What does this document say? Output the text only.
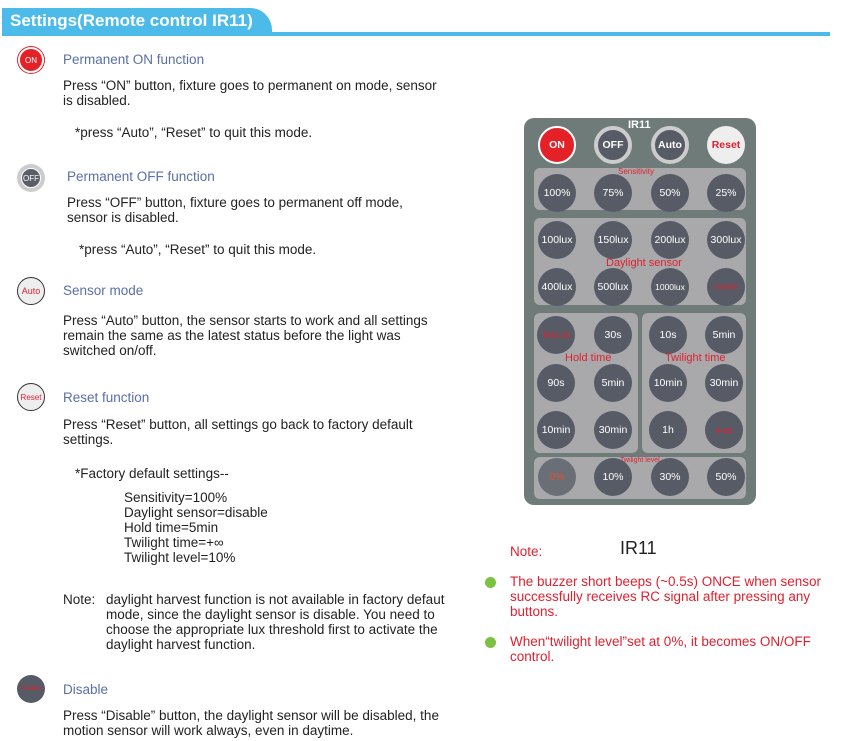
Settings(Remote control IR11)
ON Permanent ON function
Press “ON” button, fixture goes to permanent on mode, sensor is disabled.
*press “Auto”, “Reset” to quit this mode.
OFF Permanent OFF function
Press “OFF” button, fixture goes to permanent off mode, sensor is disabled.
*press “Auto”, “Reset” to quit this mode.
Auto	Sensor mode
Press “Auto” button, the sensor starts to work and all settings remain the same as the latest status before the light was switched on/off.
Reset Reset function
Press “Reset” button, all settings go back to factory default settings.
*Factory default settings--
Sensitivity=100%
Daylight sensor=disable
Hold time=5min
Twilight time=+∞
Twilight level=10%
Note: daylight harvest function is not available in factory defaut mode, since the daylight sensor is disable. You need to choose the appropriate lux threshold first to activate the daylight harvest function.
Disable Disable
Press “Disable” button, the daylight sensor will be disabled, the motion sensor will work always, even in daytime.
IR11
ON	OFF	Auto	Reset
Sensitivity
100%	75%	50%	25%
100lux	150lux	200lux	300lux
400lux	500lux	1000lux	Disable
Daylight sensor
Test 3s	30s
90s	5min
10min	30min
Hold time
10s	5min
10min	30min
1h	+∞
Twilight time
0%	10%	30%	50%
Twilight level
Note:	IR11
The buzzer short beeps (~0.5s) ONCE when sensor successfully receives RC signal after pressing any buttons.
When“twilight level”set at 0%, it becomes ON/OFF control.
